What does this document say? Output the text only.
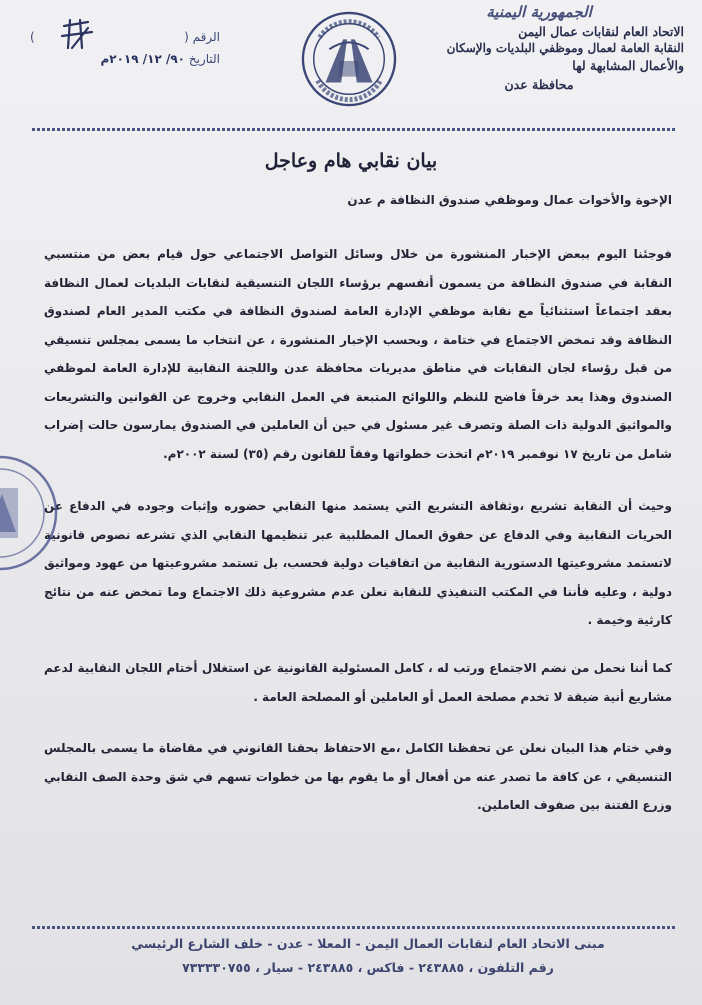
الجمهورية اليمنية
الاتحاد العام لنقابات عمال اليمن
النقابة العامة لعمال وموظفي البلديات والإسكان
والأعمال المشابهة لها
محافظة عدن
الرقم (
)
التاريخ ٩٠/ ١٢/ ٢٠١٩م
بيان نقابي هام وعاجل
الإخوة والأخوات عمال وموظفي صندوق النظافة م عدن

فوجئنا اليوم ببعض الإخبار المنشورة من خلال وسائل التواصل الاجتماعي حول قيام بعض من منتسبي النقابة في صندوق النظافة من يسمون أنفسهم برؤساء اللجان التنسيقية لنقابات البلديات لعمال النظافة بعقد اجتماعاً استثنائياً مع نقابة موظفي الإدارة العامة لصندوق النظافة في مكتب المدير العام لصندوق النظافة وقد تمخض الاجتماع في ختامة ، وبحسب الإخبار المنشورة ، عن انتخاب ما يسمى بمجلس تنسيقي من قبل رؤساء لجان النقابات في مناطق مديريات محافظة عدن واللجنة النقابية للإدارة العامة لموظفي الصندوق وهذا يعد خرقاً فاضح للنظم واللوائح المتبعة في العمل النقابي وخروج عن القوانين والتشريعات والمواثيق الدولية ذات الصلة وتصرف غير مسئول في حين أن العاملين في الصندوق يمارسون حالت إضراب شامل من تاريخ ١٧ نوفمبر ٢٠١٩م اتخذت خطواتها وفقاً للقانون رقم (٣٥) لسنة ٢٠٠٢م.

وحيث أن النقابة تشريع ،وثقافة التشريع التي يستمد منها النقابي حضوره وإثبات وجوده في الدفاع عن الحريات النقابية وفي الدفاع عن حقوق العمال المطلبية عبر تنظيمها النقابي الذي تشرعه نصوص قانونية لاتستمد مشروعيتها الدستورية النقابية من اتفاقيات دولية فحسب، بل تستمد مشروعيتها من عهود ومواثيق دولية ، وعليه فأننا في المكتب التنفيذي للنقابة نعلن عدم مشروعية ذلك الاجتماع وما تمخض عنه من نتائج كارثية وخيمة .

كما أننا نحمل من نضم الاجتماع ورتب له ، كامل المسئولية القانونية عن استغلال أختام اللجان النقابية لدعم مشاريع أنية ضيقة لا تخدم مصلحة العمل أو العاملين أو المصلحة العامة .

وفي ختام هذا البيان نعلن عن تحفظنا الكامل ،مع الاحتفاظ بحقنا القانوني في مقاضاة ما يسمى بالمجلس التنسيقي ، عن كافة ما تصدر عنه من أفعال أو ما يقوم بها من خطوات تسهم في شق وحدة الصف النقابي وزرع الفتنة بين صفوف العاملين.

مبنى الاتحاد العام لنقابات العمال اليمن - المعلا - عدن - خلف الشارع الرئيسي
رقم التلفون ، ٢٤٣٨٨٥ - فاكس ، ٢٤٣٨٨٥ - سيار ، ٧٣٣٣٣٠٧٥٥
